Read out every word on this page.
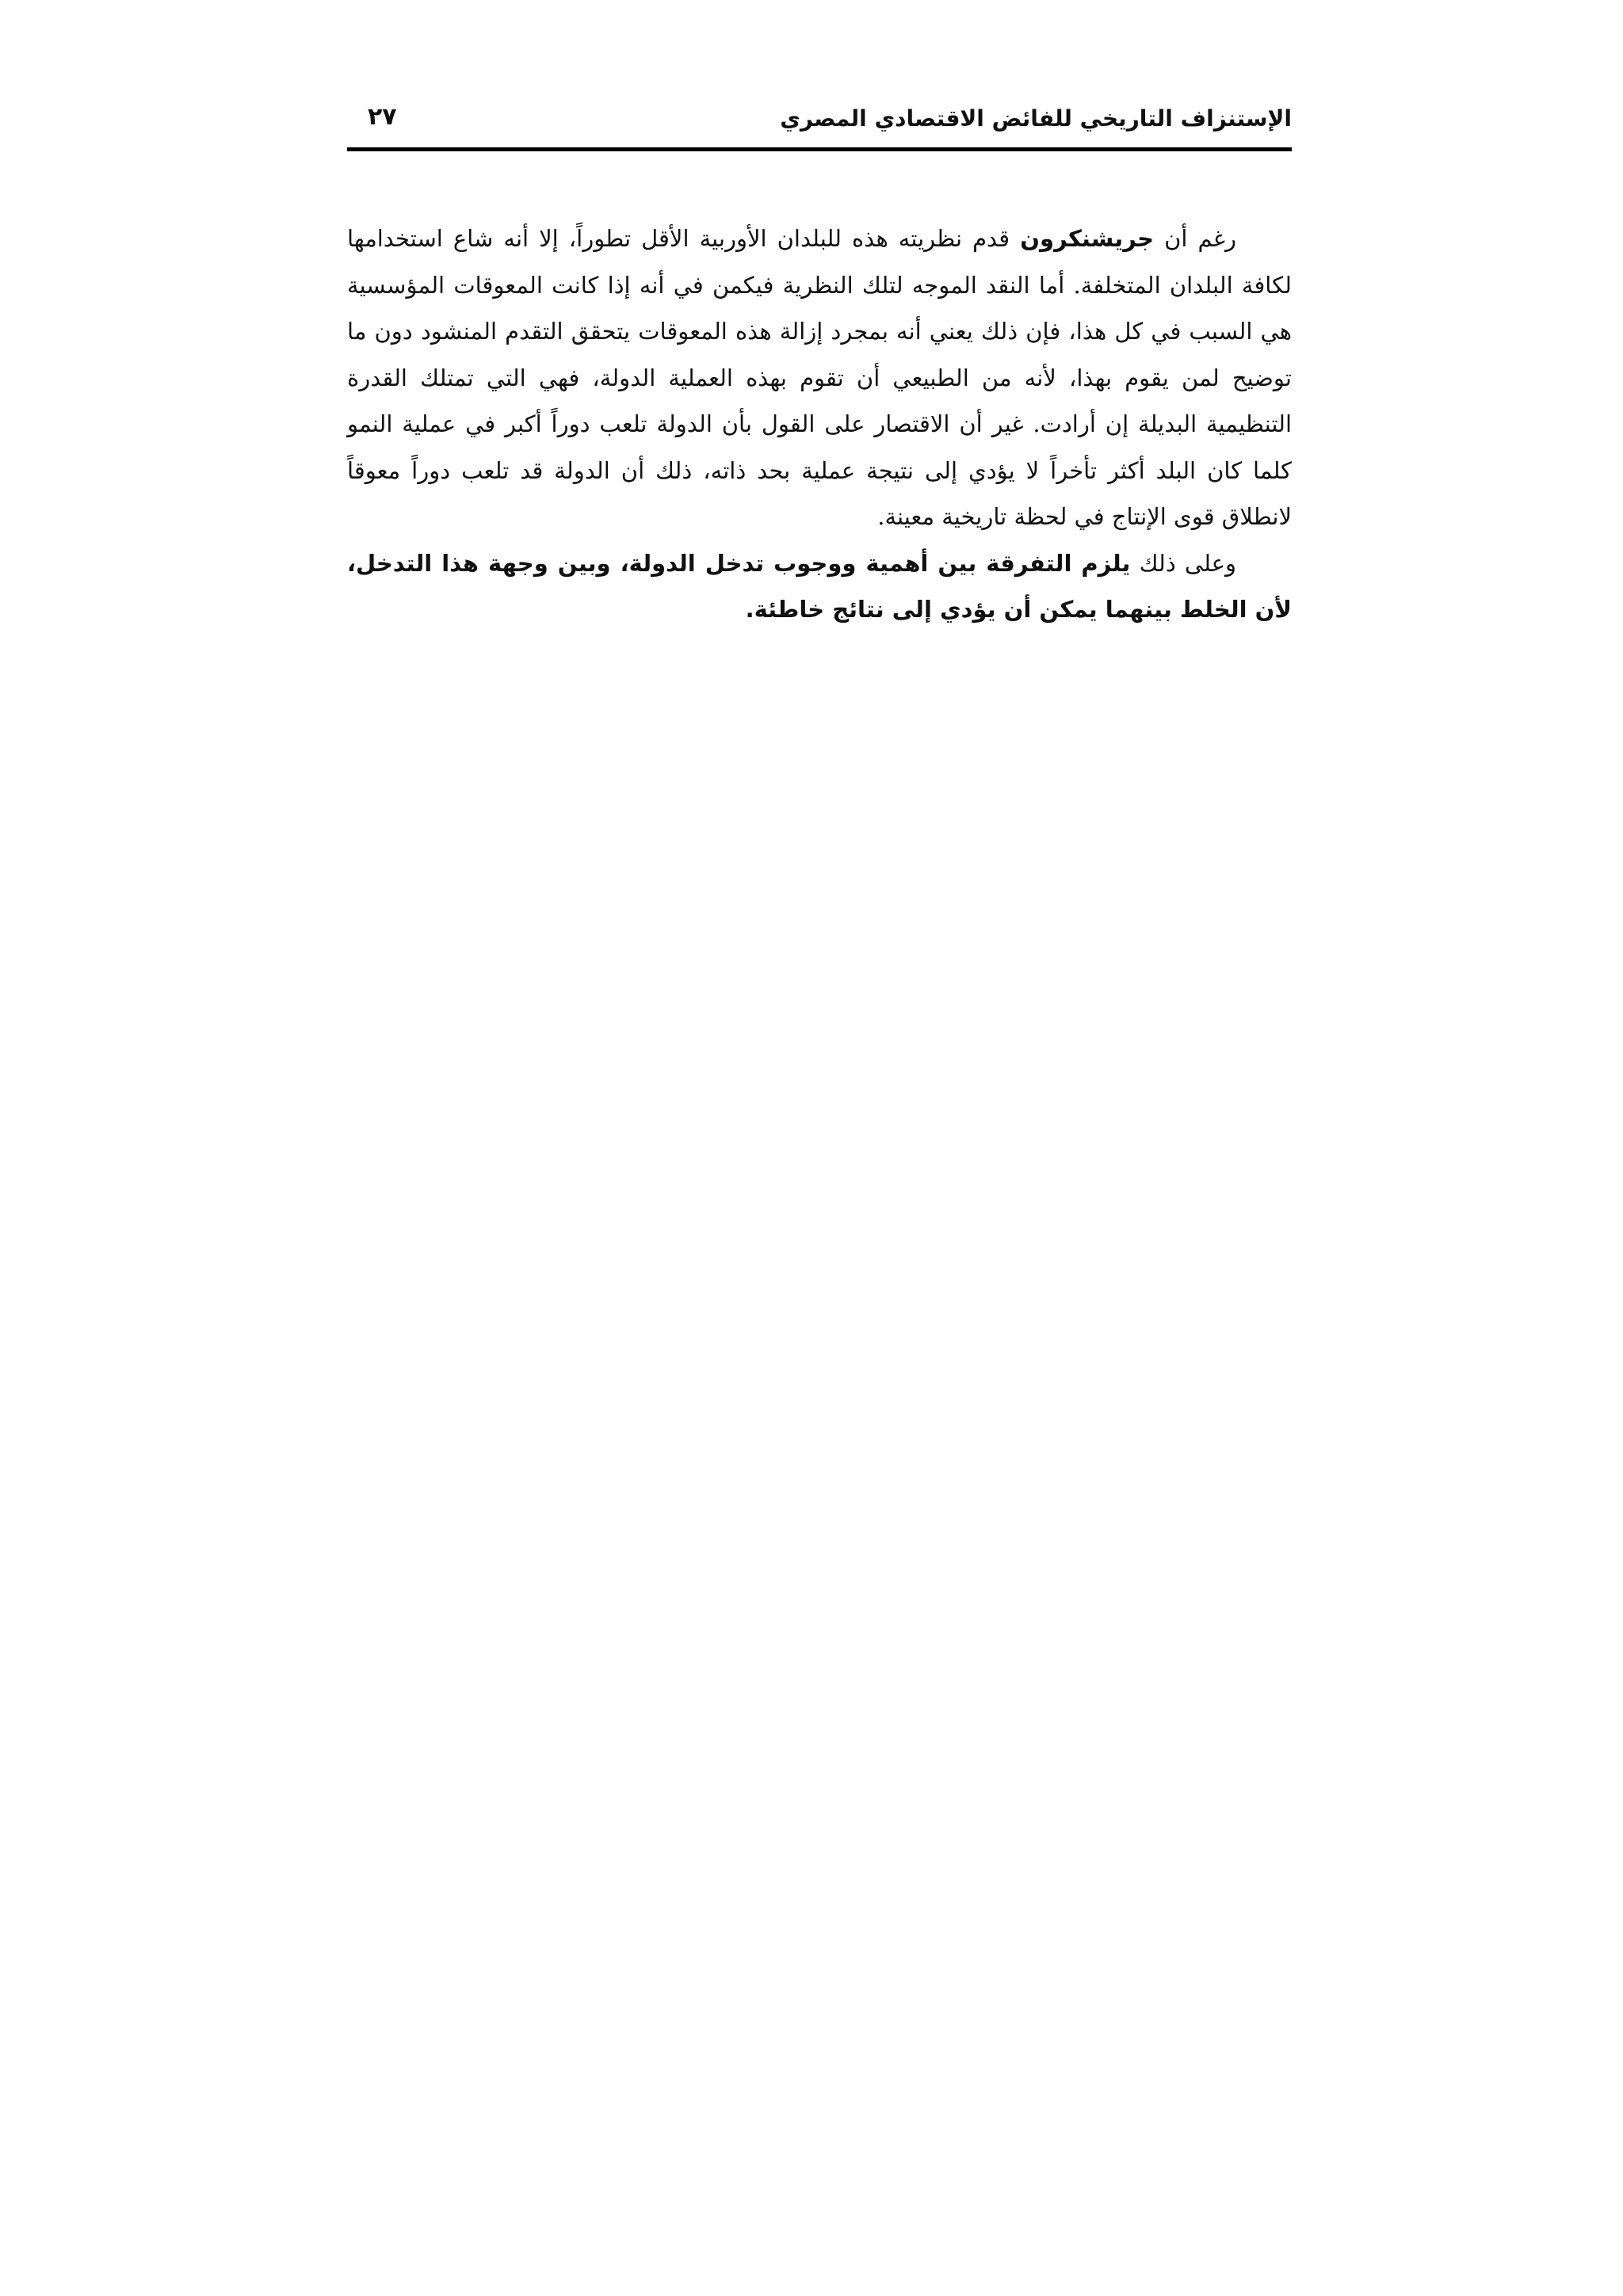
الإستنزاف التاريخي للفائض الاقتصادي المصري
٢٧

رغم أن جريشنكرون قدم نظريته هذه للبلدان الأوربية الأقل تطوراً، إلا أنه شاع استخدامها لكافة البلدان المتخلفة. أما النقد الموجه لتلك النظرية فيكمن في أنه إذا كانت المعوقات المؤسسية هي السبب في كل هذا، فإن ذلك يعني أنه بمجرد إزالة هذه المعوقات يتحقق التقدم المنشود دون ما توضيح لمن يقوم بهذا، لأنه من الطبيعي أن تقوم بهذه العملية الدولة، فهي التي تمتلك القدرة التنظيمية البديلة إن أرادت. غير أن الاقتصار على القول بأن الدولة تلعب دوراً أكبر في عملية النمو كلما كان البلد أكثر تأخراً لا يؤدي إلى نتيجة عملية بحد ذاته، ذلك أن الدولة قد تلعب دوراً معوقاً لانطلاق قوى الإنتاج في لحظة تاريخية معينة.

وعلى ذلك يلزم التفرقة بين أهمية ووجوب تدخل الدولة، وبين وجهة هذا التدخل، لأن الخلط بينهما يمكن أن يؤدي إلى نتائج خاطئة.
